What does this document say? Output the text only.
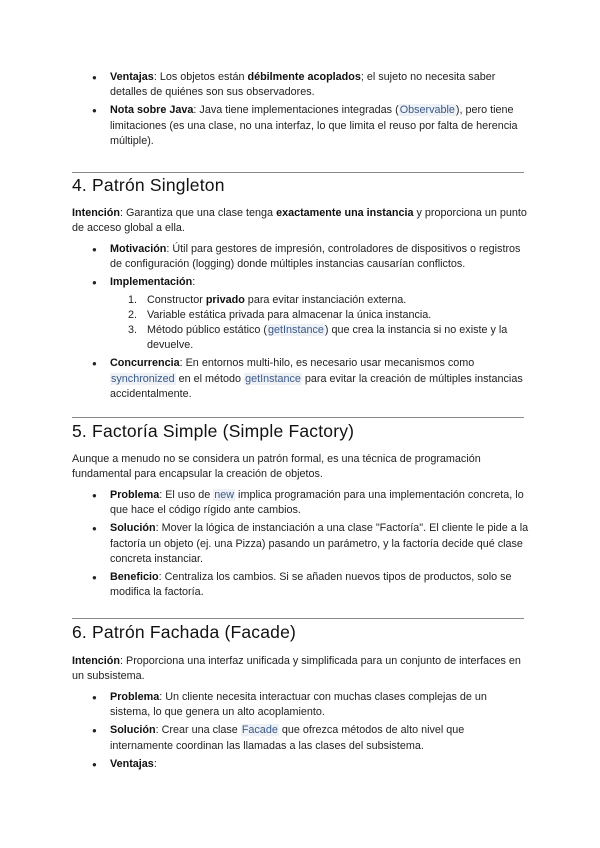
● Ventajas: Los objetos están débilmente acoplados; el sujeto no necesita saber detalles de quiénes son sus observadores.
● Nota sobre Java: Java tiene implementaciones integradas (Observable), pero tiene limitaciones (es una clase, no una interfaz, lo que limita el reuso por falta de herencia múltiple).
4. Patrón Singleton
Intención: Garantiza que una clase tenga exactamente una instancia y proporciona un punto de acceso global a ella.
● Motivación: Útil para gestores de impresión, controladores de dispositivos o registros de configuración (logging) donde múltiples instancias causarían conflictos.
● Implementación:
1. Constructor privado para evitar instanciación externa.
2. Variable estática privada para almacenar la única instancia.
3. Método público estático (getInstance) que crea la instancia si no existe y la devuelve.
● Concurrencia: En entornos multi-hilo, es necesario usar mecanismos como synchronized en el método getInstance para evitar la creación de múltiples instancias accidentalmente.
5. Factoría Simple (Simple Factory)
Aunque a menudo no se considera un patrón formal, es una técnica de programación fundamental para encapsular la creación de objetos.
● Problema: El uso de new implica programación para una implementación concreta, lo que hace el código rígido ante cambios.
● Solución: Mover la lógica de instanciación a una clase "Factoría". El cliente le pide a la factoría un objeto (ej. una Pizza) pasando un parámetro, y la factoría decide qué clase concreta instanciar.
● Beneficio: Centraliza los cambios. Si se añaden nuevos tipos de productos, solo se modifica la factoría.
6. Patrón Fachada (Facade)
Intención: Proporciona una interfaz unificada y simplificada para un conjunto de interfaces en un subsistema.
● Problema: Un cliente necesita interactuar con muchas clases complejas de un sistema, lo que genera un alto acoplamiento.
● Solución: Crear una clase Facade que ofrezca métodos de alto nivel que internamente coordinan las llamadas a las clases del subsistema.
● Ventajas:
